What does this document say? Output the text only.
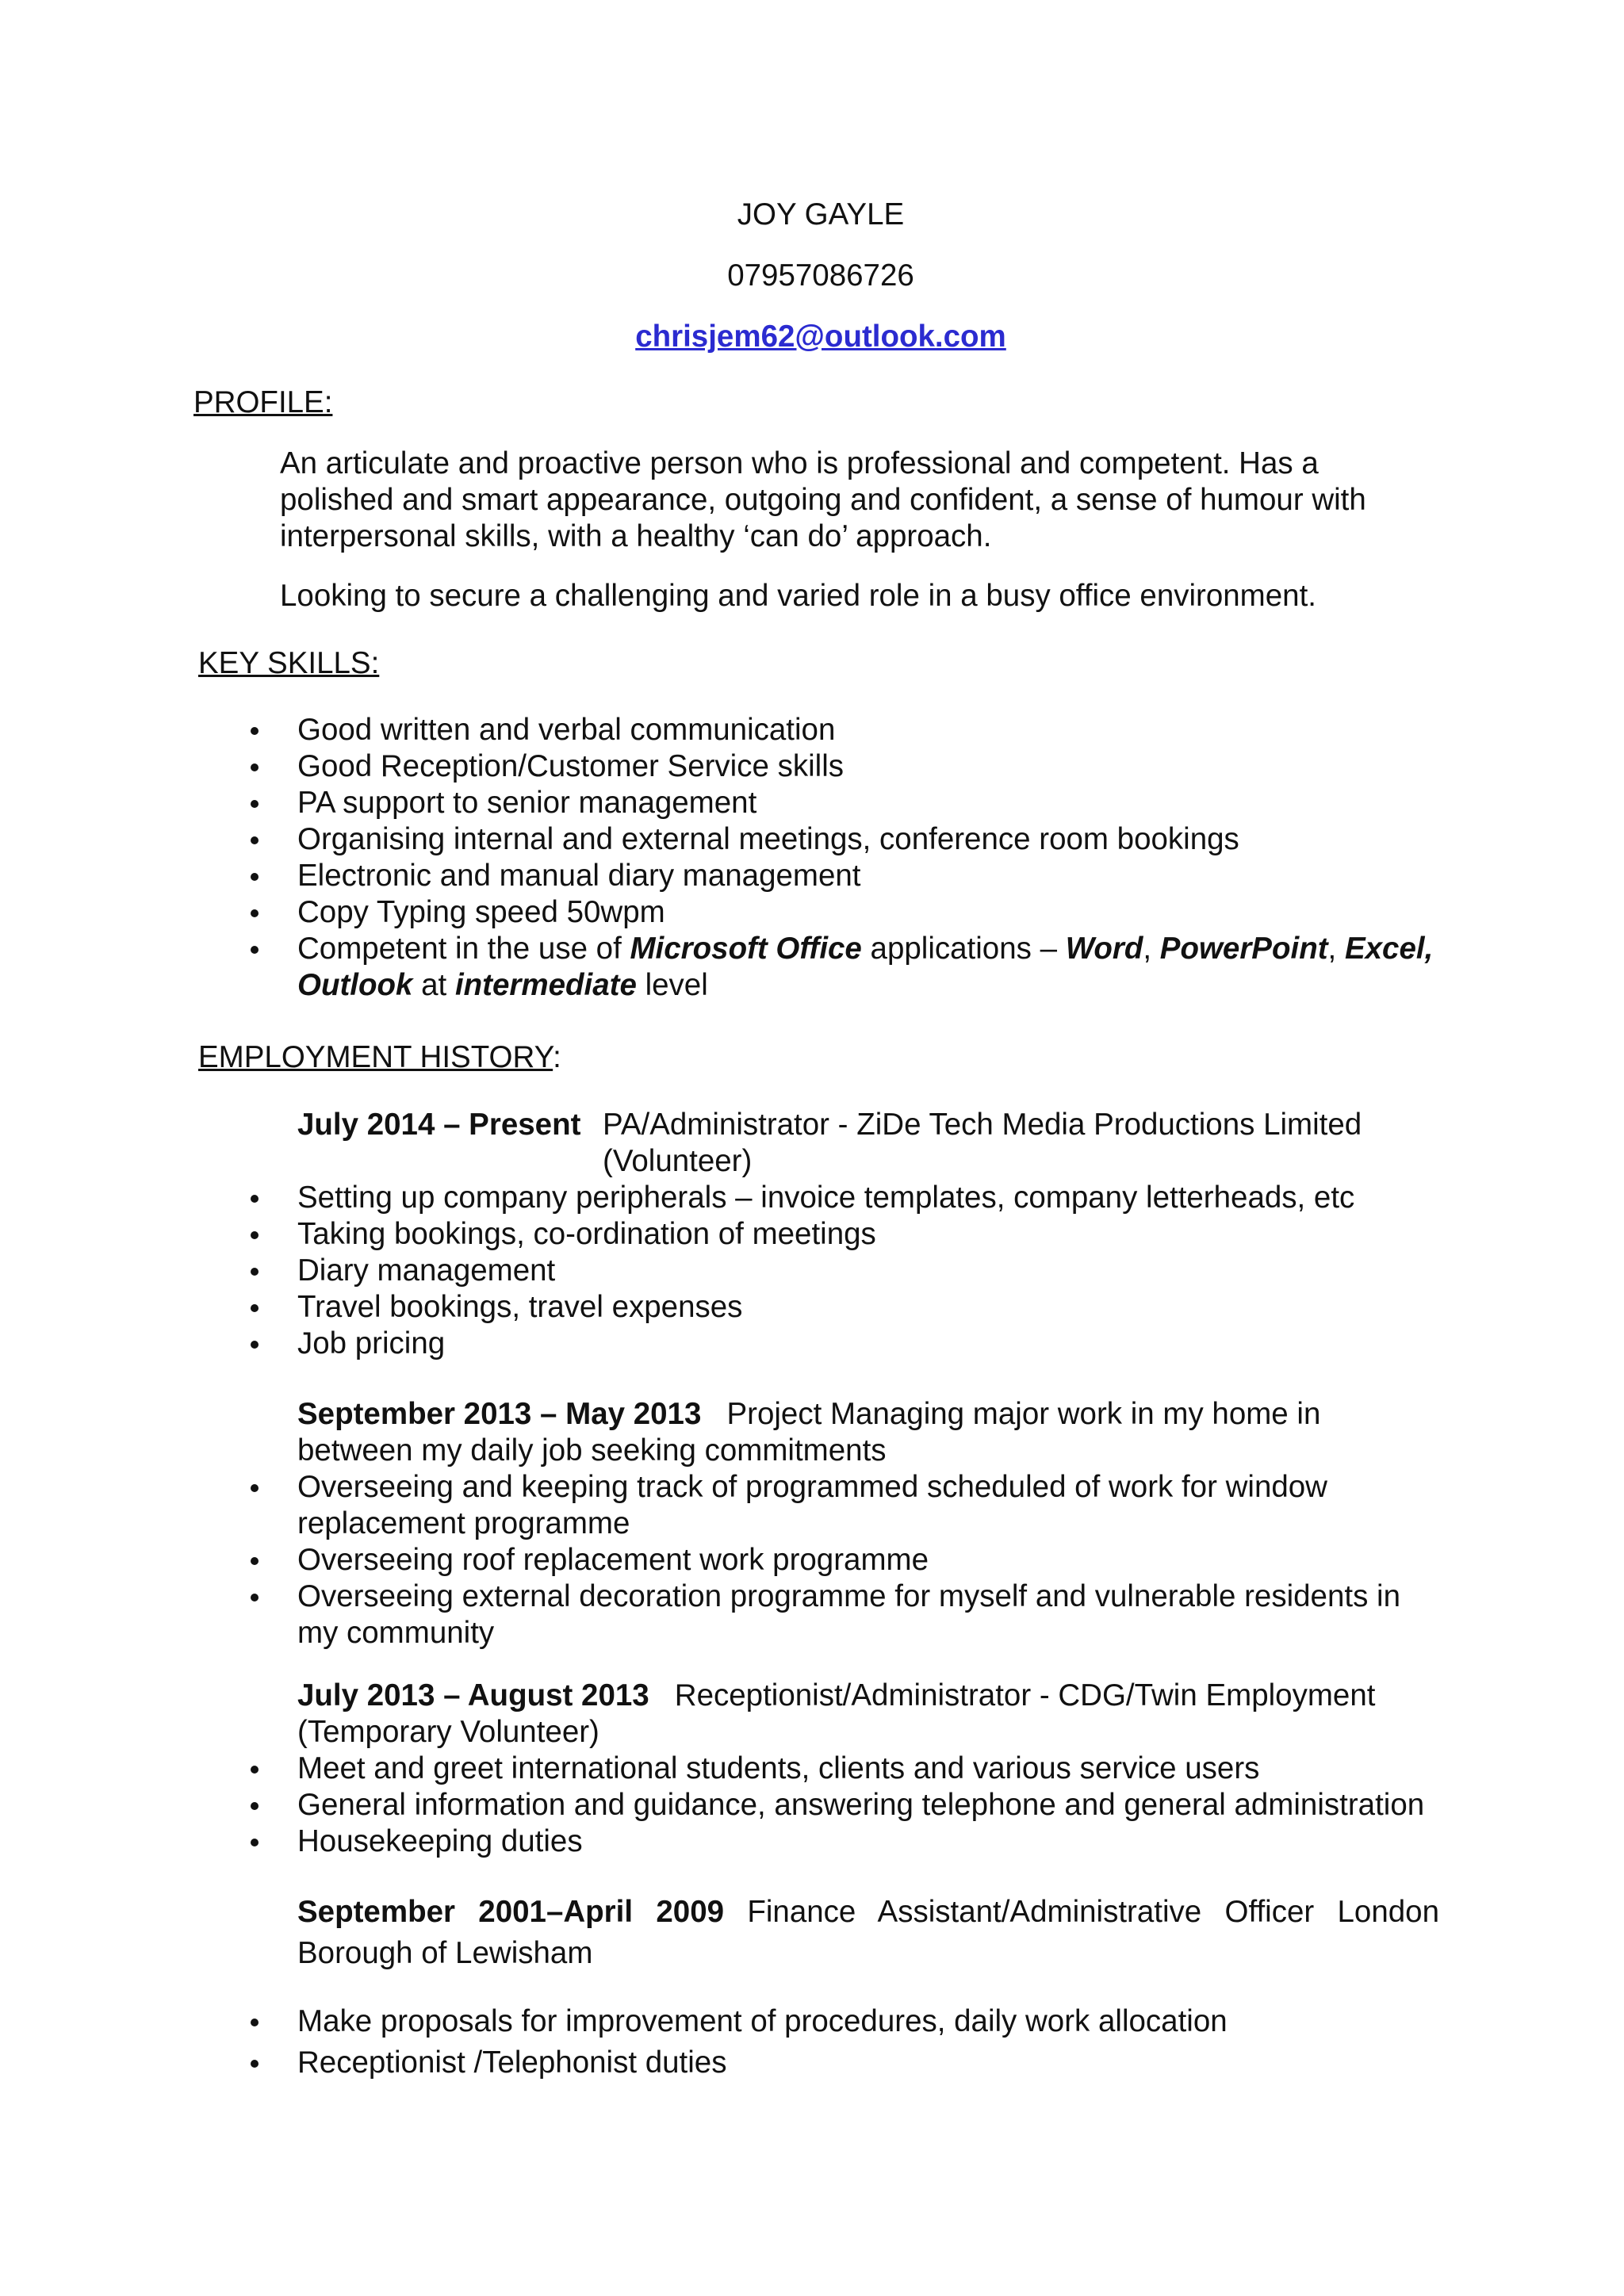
JOY GAYLE
07957086726
chrisjem62@outlook.com
PROFILE:
An articulate and proactive person who is professional and competent. Has a polished and smart appearance, outgoing and confident, a sense of humour with interpersonal skills, with a healthy ‘can do’ approach.
Looking to secure a challenging and varied role in a busy office environment.
KEY SKILLS:
Good written and verbal communication
Good Reception/Customer Service skills
PA support to senior management
Organising internal and external meetings, conference room bookings
Electronic and manual diary management
Copy Typing speed 50wpm
Competent in the use of Microsoft Office applications – Word, PowerPoint, Excel, Outlook at intermediate level
EMPLOYMENT HISTORY:
July 2014 – Present PA/Administrator - ZiDe Tech Media Productions Limited (Volunteer)
Setting up company peripherals – invoice templates, company letterheads, etc
Taking bookings, co-ordination of meetings
Diary management
Travel bookings, travel expenses
Job pricing
September 2013 – May 2013 Project Managing major work in my home in between my daily job seeking commitments
Overseeing and keeping track of programmed scheduled of work for window replacement programme
Overseeing roof replacement work programme
Overseeing external decoration programme for myself and vulnerable residents in my community
July 2013 – August 2013 Receptionist/Administrator - CDG/Twin Employment (Temporary Volunteer)
Meet and greet international students, clients and various service users
General information and guidance, answering telephone and general administration
Housekeeping duties
September 2001–April 2009 Finance Assistant/Administrative Officer London Borough of Lewisham
Make proposals for improvement of procedures, daily work allocation
Receptionist /Telephonist duties
